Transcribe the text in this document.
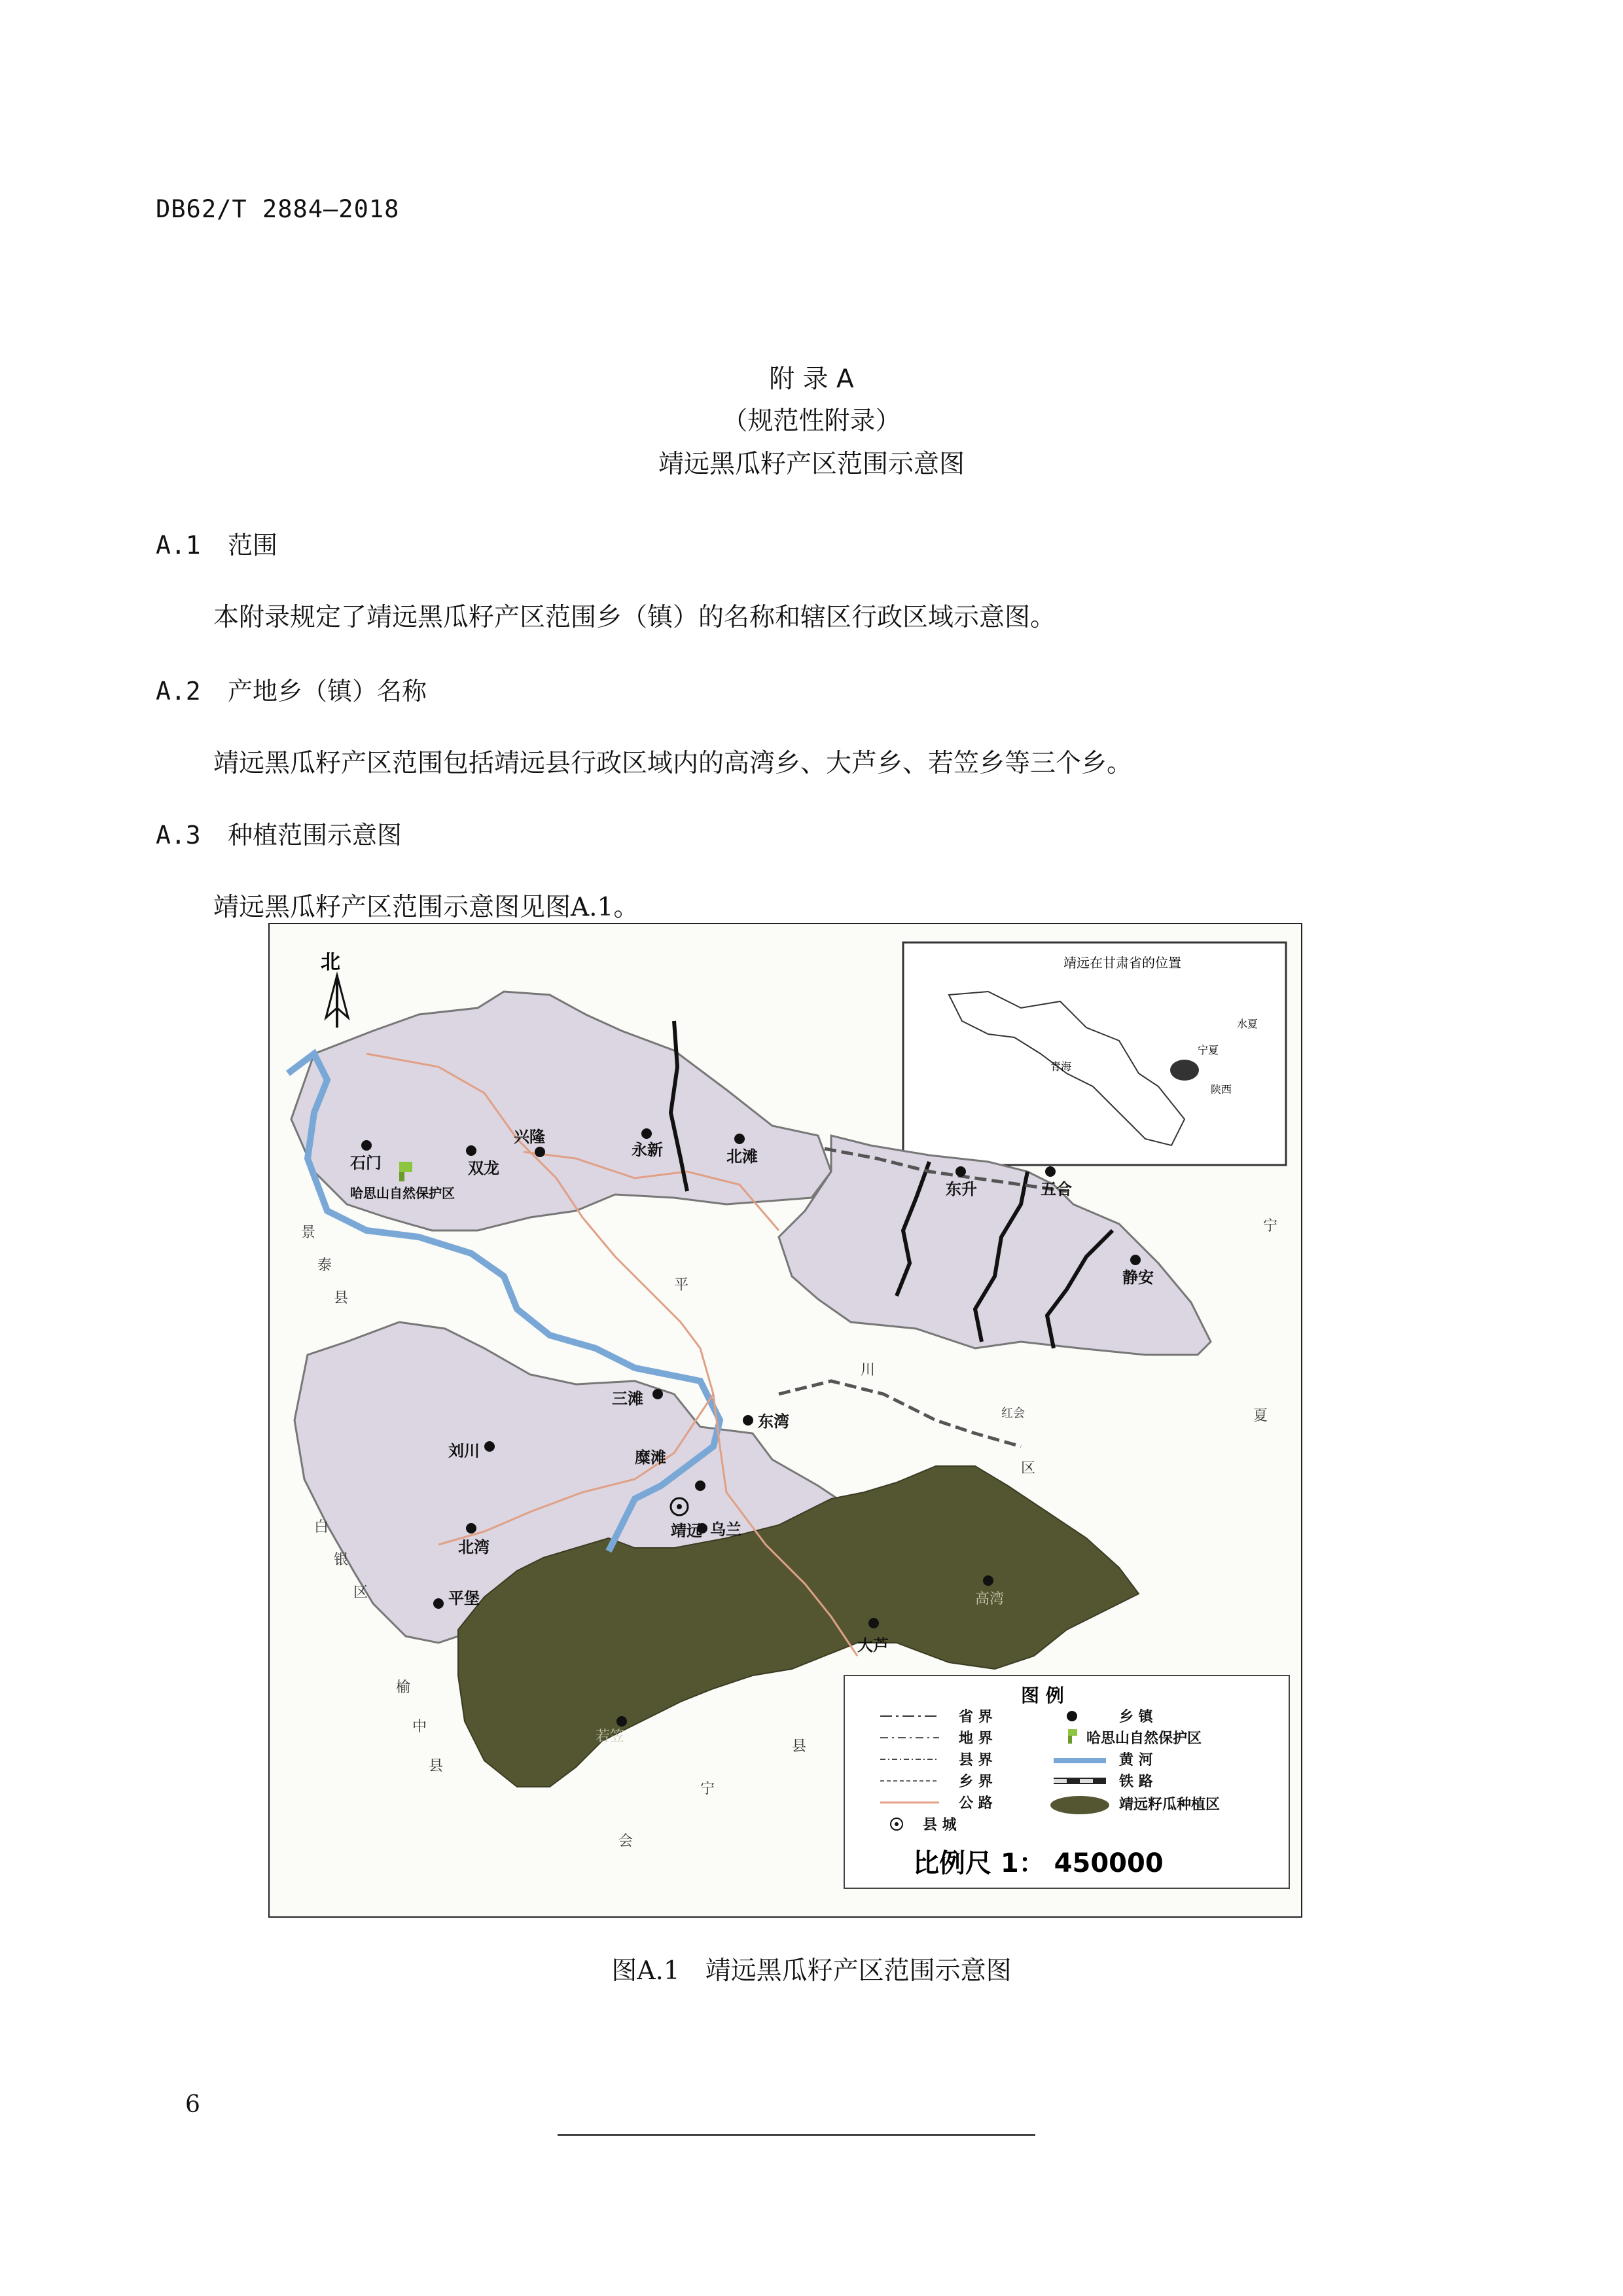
DB62/T 2884—2018
附 录 A
（规范性附录）
靖远黑瓜籽产区范围示意图
A.1 范围
本附录规定了靖远黑瓜籽产区范围乡（镇）的名称和辖区行政区域示意图。
A.2 产地乡（镇）名称
靖远黑瓜籽产区范围包括靖远县行政区域内的高湾乡、大芦乡、若笠乡等三个乡。
A.3 种植范围示意图
靖远黑瓜籽产区范围示意图见图A.1。
北	靖远在甘肃省的位置
青海
宁夏
陕西
水夏
石门	双龙
兴隆
永新	北滩
东升	五合
静安
三滩
东湾
刘川	糜滩
靖远 乌兰
北湾
平堡	高湾
若笠
大芦
哈思山自然保护区
平
川
区
宁
夏
红会
白
银
区
榆
中
县
景
泰
县
会
宁
县
图 例
省 界
地 界
县 界
乡 界
公 路
县 城
乡 镇
哈思山自然保护区
黄 河
铁 路
靖远籽瓜种植区
比例尺 1： 450000
图A.1　靖远黑瓜籽产区范围示意图
6
